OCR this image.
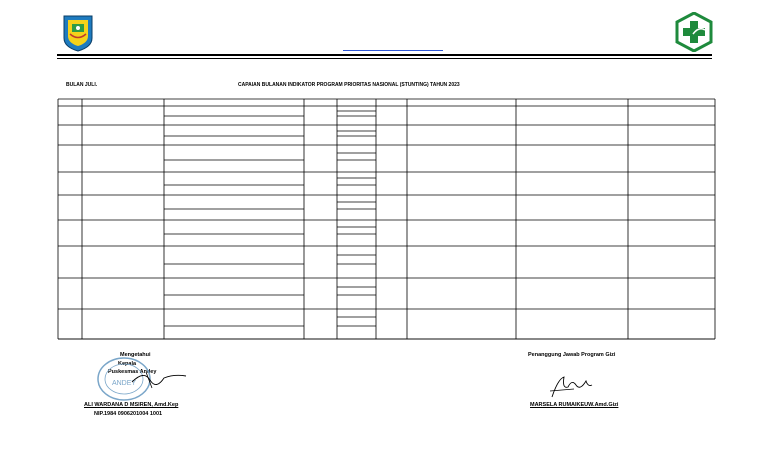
BULAN JULI.	CAPAIAN BULANAN INDIKATOR PROGRAM PRIORITAS NASIONAL (STUNTING) TAHUN 2023
Mengetahui
Kepala
Puskesmas Andey
ALI WARDANA D MSIREN, Amd.Kep
NIP.1984 0906201004 1001
ANDEY
Penanggung Jawab Program Gizi
MARSELA RUMAIKEUW.Amd.Gizi
